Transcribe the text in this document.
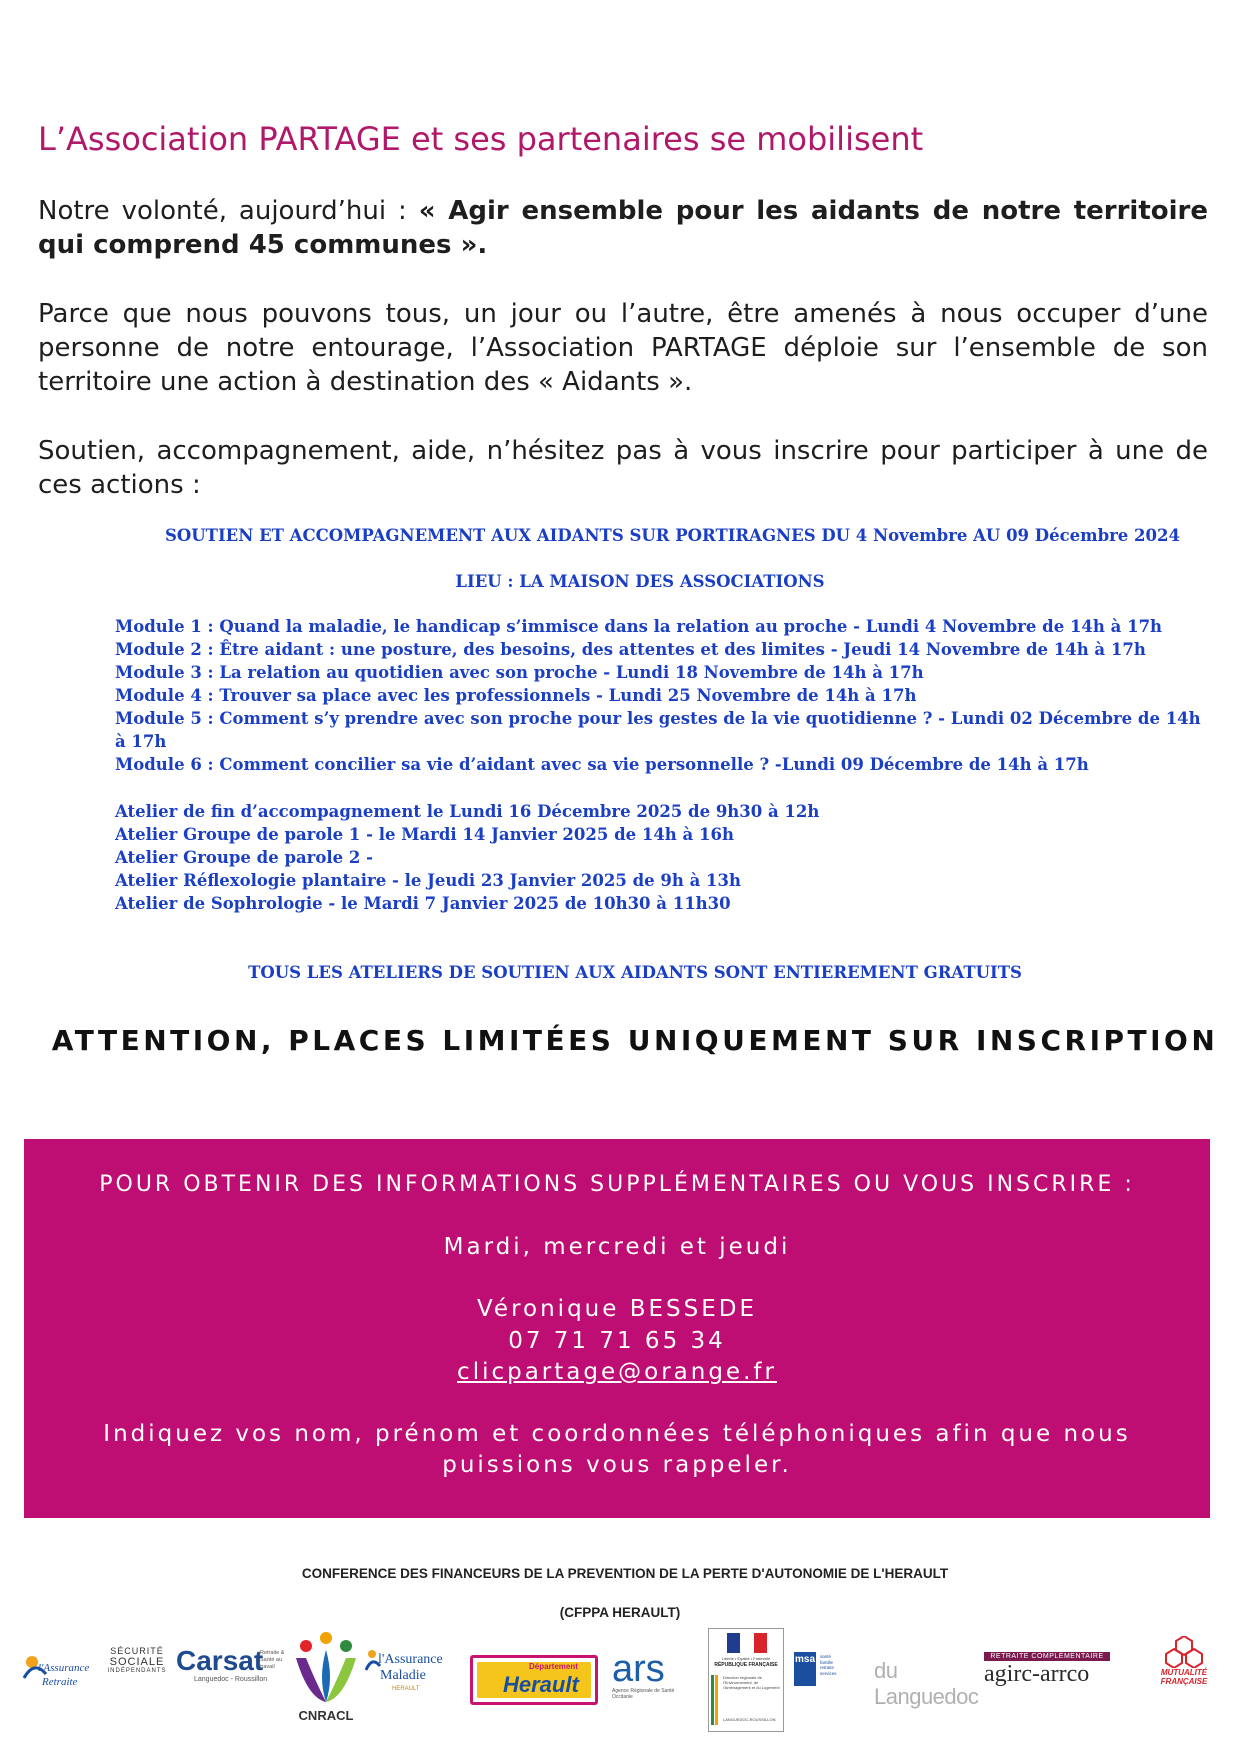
L’Association PARTAGE et ses partenaires se mobilisent
Notre volonté, aujourd’hui : « Agir ensemble pour les aidants de notre territoire qui comprend 45 communes ».
Parce que nous pouvons tous, un jour ou l’autre, être amenés à nous occuper d’une personne de notre entourage, l’Association PARTAGE déploie sur l’ensemble de son territoire une action à destination des « Aidants ».
Soutien, accompagnement, aide, n’hésitez pas à vous inscrire pour participer à une de ces actions :
SOUTIEN ET ACCOMPAGNEMENT AUX AIDANTS SUR PORTIRAGNES DU 4 Novembre AU 09 Décembre 2024
LIEU : LA MAISON DES ASSOCIATIONS
Module 1 : Quand la maladie, le handicap s’immisce dans la relation au proche - Lundi 4 Novembre de 14h à 17h
Module 2 : Être aidant : une posture, des besoins, des attentes et des limites - Jeudi 14 Novembre de 14h à 17h
Module 3 : La relation au quotidien avec son proche - Lundi 18 Novembre de 14h à 17h
Module 4 : Trouver sa place avec les professionnels - Lundi 25 Novembre de 14h à 17h
Module 5 : Comment s’y prendre avec son proche pour les gestes de la vie quotidienne ? - Lundi 02 Décembre de 14h à 17h
Module 6 : Comment concilier sa vie d’aidant avec sa vie personnelle ? -Lundi 09 Décembre de 14h à 17h
Atelier de fin d’accompagnement le Lundi 16 Décembre 2025 de 9h30 à 12h
Atelier Groupe de parole 1 - le Mardi 14 Janvier 2025 de 14h à 16h
Atelier Groupe de parole 2 -
Atelier Réflexologie plantaire - le Jeudi 23 Janvier 2025 de 9h à 13h
Atelier de Sophrologie - le Mardi 7 Janvier 2025 de 10h30 à 11h30
TOUS LES ATELIERS DE SOUTIEN AUX AIDANTS SONT ENTIEREMENT GRATUITS
ATTENTION, PLACES LIMITÉES UNIQUEMENT SUR INSCRIPTION
POUR OBTENIR DES INFORMATIONS SUPPLÉMENTAIRES OU VOUS INSCRIRE :
Mardi, mercredi et jeudi
Véronique BESSEDE
07 71 71 65 34
clicpartage@orange.fr
Indiquez vos nom, prénom et coordonnées téléphoniques afin que nous
puissions vous rappeler.
CONFERENCE DES FINANCEURS DE LA PREVENTION DE LA PERTE D'AUTONOMIE DE L'HERAULT
(CFPPA HERAULT)
l'Assurance
Retraite
SÉCURITÉ
SOCIALE
INDÉPENDANTS Carsat
Languedoc - Roussillon
Retraite & Santé au travail
CNRACL
l'Assurance
Maladie
HERAULT
Département
Herault ars
Agence Régionale de Santé Occitanie
Liberté • Égalité • Fraternité
RÉPUBLIQUE FRANÇAISE
Direction régionale de l'Environnement, de l'Aménagement et du Logement
LANGUEDOC-ROUSSILLON
msa santé famille retraite services du Languedoc
RETRAITE COMPLÉMENTAIRE
agirc-arrco	MUTUALITÉ
FRANÇAISE
